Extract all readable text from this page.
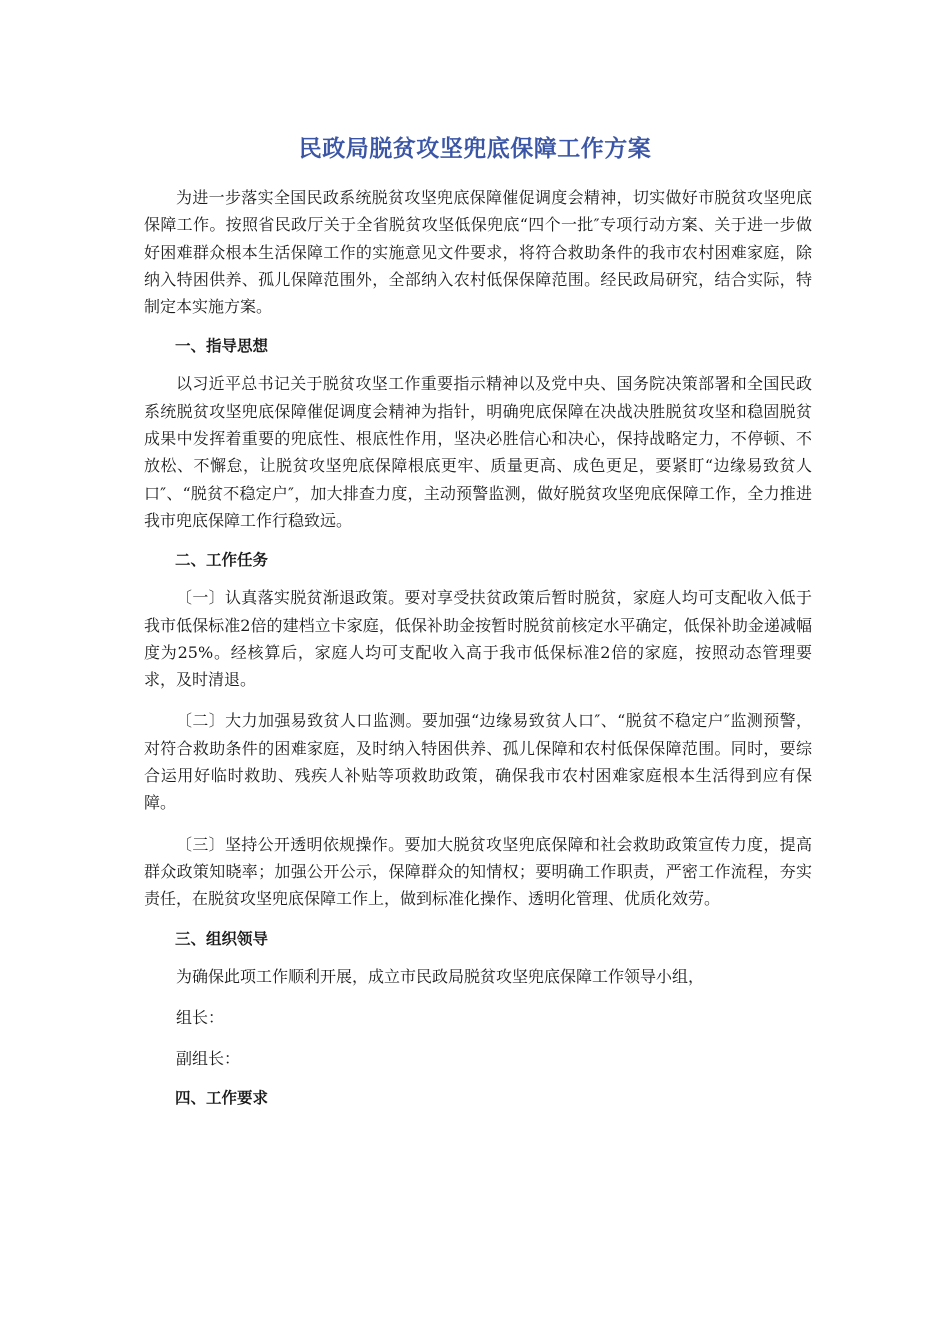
民政局脱贫攻坚兜底保障工作方案

为进一步落实全国民政系统脱贫攻坚兜底保障催促调度会精神，切实做好市脱贫攻坚兜底保障工作。按照省民政厅关于全省脱贫攻坚低保兜底“四个一批″专项行动方案、关于进一步做好困难群众根本生活保障工作的实施意见文件要求，将符合救助条件的我市农村困难家庭，除纳入特困供养、孤儿保障范围外，全部纳入农村低保保障范围。经民政局研究，结合实际，特制定本实施方案。

一、指导思想

以习近平总书记关于脱贫攻坚工作重要指示精神以及党中央、国务院决策部署和全国民政系统脱贫攻坚兜底保障催促调度会精神为指针，明确兜底保障在决战决胜脱贫攻坚和稳固脱贫成果中发挥着重要的兜底性、根底性作用，坚决必胜信心和决心，保持战略定力，不停顿、不放松、不懈怠，让脱贫攻坚兜底保障根底更牢、质量更高、成色更足，要紧盯“边缘易致贫人口″、“脱贫不稳定户″，加大排查力度，主动预警监测，做好脱贫攻坚兜底保障工作，全力推进我市兜底保障工作行稳致远。

二、工作任务

〔一〕认真落实脱贫渐退政策。要对享受扶贫政策后暂时脱贫，家庭人均可支配收入低于我市低保标准2倍的建档立卡家庭，低保补助金按暂时脱贫前核定水平确定，低保补助金递减幅度为25%。经核算后，家庭人均可支配收入高于我市低保标准2倍的家庭，按照动态管理要求，及时清退。

〔二〕大力加强易致贫人口监测。要加强“边缘易致贫人口″、“脱贫不稳定户″监测预警，对符合救助条件的困难家庭，及时纳入特困供养、孤儿保障和农村低保保障范围。同时，要综合运用好临时救助、残疾人补贴等项救助政策，确保我市农村困难家庭根本生活得到应有保障。

〔三〕坚持公开透明依规操作。要加大脱贫攻坚兜底保障和社会救助政策宣传力度，提高群众政策知晓率；加强公开公示，保障群众的知情权；要明确工作职责，严密工作流程，夯实责任，在脱贫攻坚兜底保障工作上，做到标准化操作、透明化管理、优质化效劳。

三、组织领导

为确保此项工作顺利开展，成立市民政局脱贫攻坚兜底保障工作领导小组，

组长：

副组长：

四、工作要求
